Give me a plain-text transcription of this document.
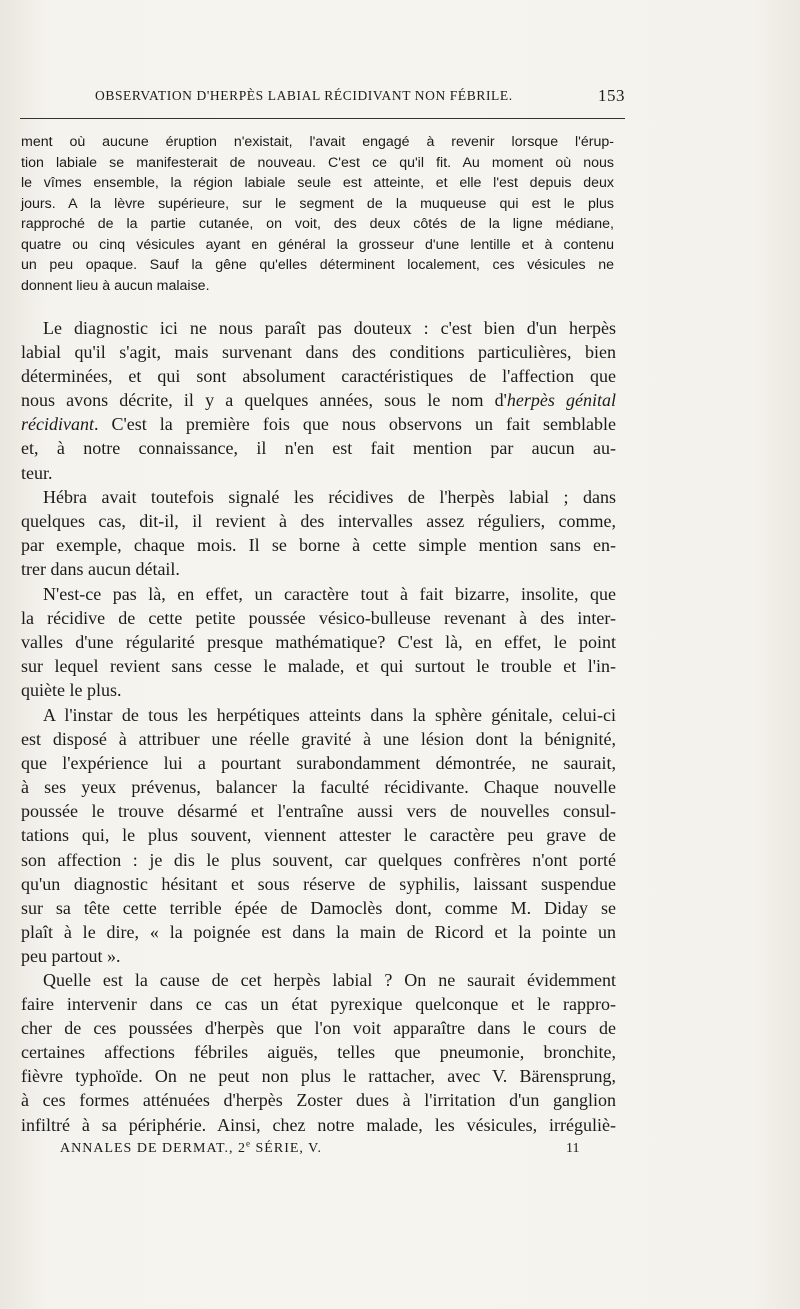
OBSERVATION D'HERPÈS LABIAL RÉCIDIVANT NON FÉBRILE.	153
ment où aucune éruption n'existait, l'avait engagé à revenir lorsque l'érup-
tion labiale se manifesterait de nouveau. C'est ce qu'il fit. Au moment où nous
le vîmes ensemble, la région labiale seule est atteinte, et elle l'est depuis deux
jours. A la lèvre supérieure, sur le segment de la muqueuse qui est le plus
rapproché de la partie cutanée, on voit, des deux côtés de la ligne médiane,
quatre ou cinq vésicules ayant en général la grosseur d'une lentille et à contenu
un peu opaque. Sauf la gêne qu'elles déterminent localement, ces vésicules ne
donnent lieu à aucun malaise.
Le diagnostic ici ne nous paraît pas douteux : c'est bien d'un herpès
labial qu'il s'agit, mais survenant dans des conditions particulières, bien
déterminées, et qui sont absolument caractéristiques de l'affection que
nous avons décrite, il y a quelques années, sous le nom d'herpès génital
récidivant. C'est la première fois que nous observons un fait semblable
et, à notre connaissance, il n'en est fait mention par aucun au-
teur.
Hébra avait toutefois signalé les récidives de l'herpès labial ; dans
quelques cas, dit-il, il revient à des intervalles assez réguliers, comme,
par exemple, chaque mois. Il se borne à cette simple mention sans en-
trer dans aucun détail.
N'est-ce pas là, en effet, un caractère tout à fait bizarre, insolite, que
la récidive de cette petite poussée vésico-bulleuse revenant à des inter-
valles d'une régularité presque mathématique? C'est là, en effet, le point
sur lequel revient sans cesse le malade, et qui surtout le trouble et l'in-
quiète le plus.
A l'instar de tous les herpétiques atteints dans la sphère génitale, celui-ci
est disposé à attribuer une réelle gravité à une lésion dont la bénignité,
que l'expérience lui a pourtant surabondamment démontrée, ne saurait,
à ses yeux prévenus, balancer la faculté récidivante. Chaque nouvelle
poussée le trouve désarmé et l'entraîne aussi vers de nouvelles consul-
tations qui, le plus souvent, viennent attester le caractère peu grave de
son affection : je dis le plus souvent, car quelques confrères n'ont porté
qu'un diagnostic hésitant et sous réserve de syphilis, laissant suspendue
sur sa tête cette terrible épée de Damoclès dont, comme M. Diday se
plaît à le dire, « la poignée est dans la main de Ricord et la pointe un
peu partout ».
Quelle est la cause de cet herpès labial ? On ne saurait évidemment
faire intervenir dans ce cas un état pyrexique quelconque et le rappro-
cher de ces poussées d'herpès que l'on voit apparaître dans le cours de
certaines affections fébriles aiguës, telles que pneumonie, bronchite,
fièvre typhoïde. On ne peut non plus le rattacher, avec V. Bärensprung,
à ces formes atténuées d'herpès Zoster dues à l'irritation d'un ganglion
infiltré à sa périphérie. Ainsi, chez notre malade, les vésicules, irréguliè-
ANNALES DE DERMAT., 2e SÉRIE, V.	11
